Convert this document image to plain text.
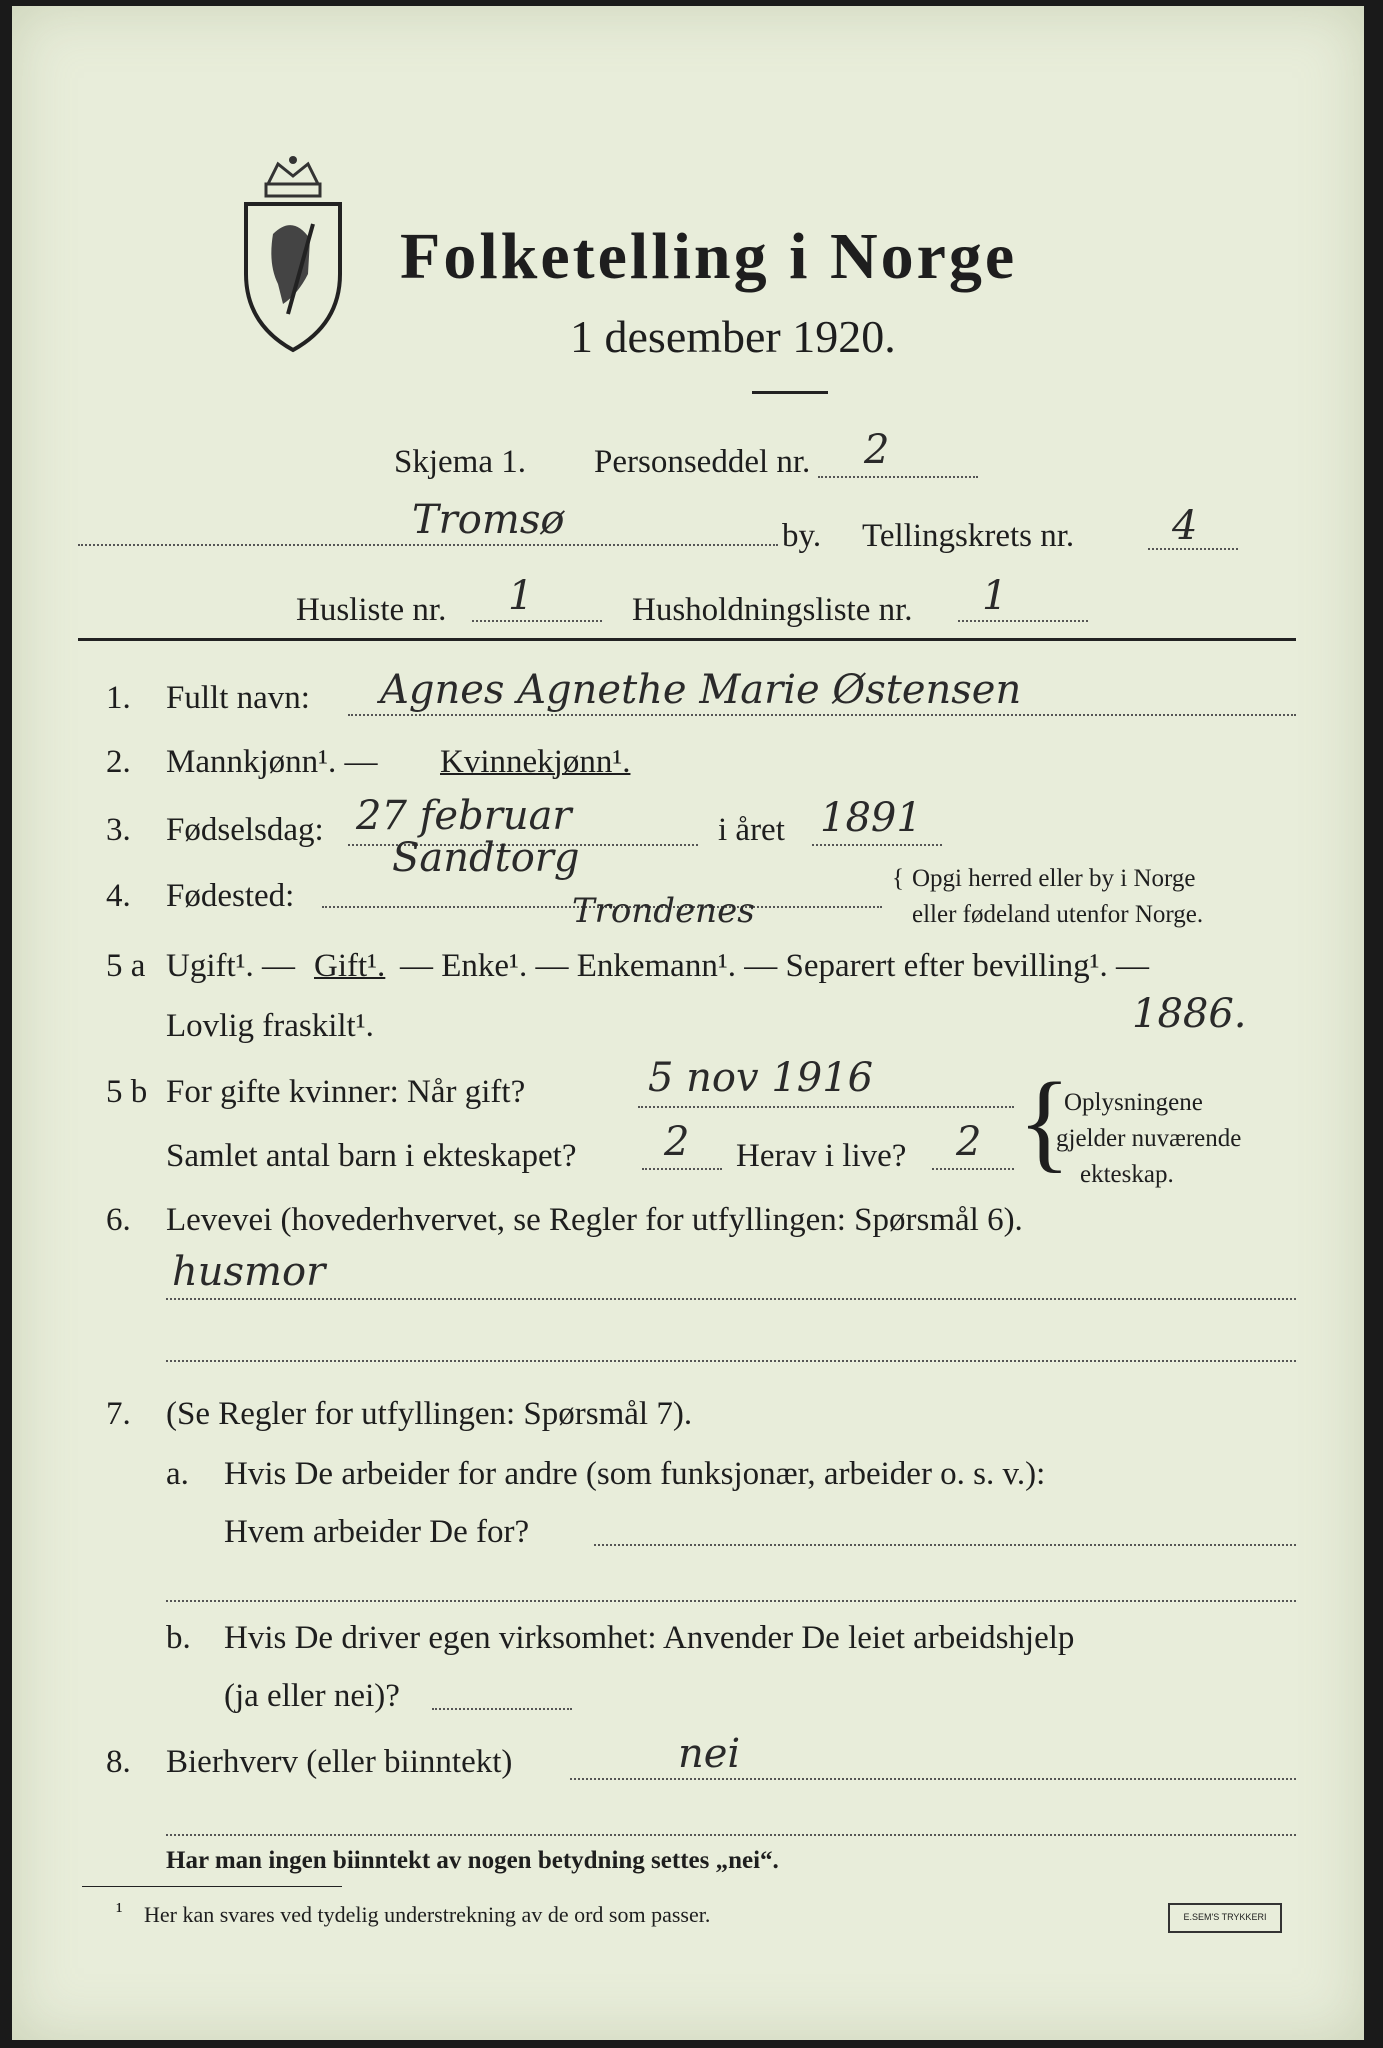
Folketelling i Norge
1 desember 1920.
Skjema 1. Personseddel nr. 2
Tromsø	by. Tellingskrets nr. 4
Husliste nr. 1	Husholdningsliste nr. 1
1. Fullt navn: Agnes Agnethe Marie Østensen
2. Mannkjønn¹. — Kvinnekjønn¹.
3. Fødselsdag: 27 februar	i året 1891
4. Fødested:
Sandtorg
Trondenes
{ Opgi herred eller by i Norge
eller fødeland utenfor Norge.
5 a Ugift¹. — Gift¹. — Enke¹. — Enkemann¹. — Separert efter bevilling¹. —
Lovlig fraskilt¹.	1886.
5 b For gifte kvinner: Når gift?	5 nov 1916
Samlet antal barn i ekteskapet? 2 Herav i live? 2 {
Oplysningene
gjelder nuværende
ekteskap.
6. Levevei (hovederhvervet, se Regler for utfyllingen: Spørsmål 6).
husmor
7. (Se Regler for utfyllingen: Spørsmål 7).
a. Hvis De arbeider for andre (som funksjonær, arbeider o. s. v.):
Hvem arbeider De for?
b. Hvis De driver egen virksomhet: Anvender De leiet arbeidshjelp
(ja eller nei)?
8. Bierhverv (eller biinntekt)	nei
Har man ingen biinntekt av nogen betydning settes „nei“.
¹ Her kan svares ved tydelig understrekning av de ord som passer.	E.SEM'S TRYKKERI
